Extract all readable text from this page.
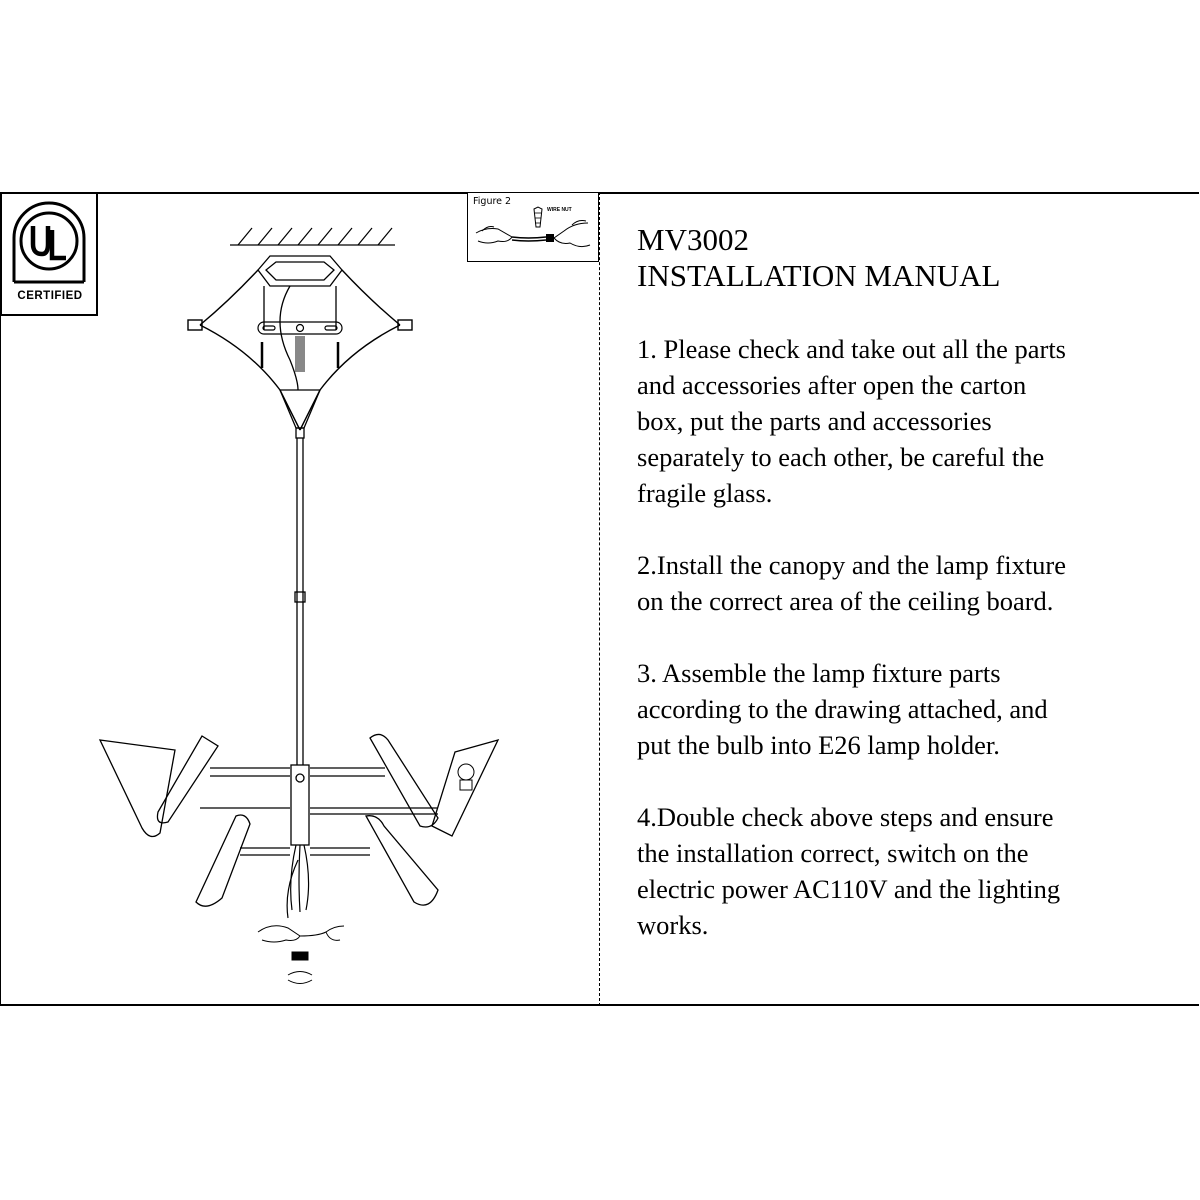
CERTIFIED
Figure 2
WIRE NUT
MV3002
INSTALLATION MANUAL
1. Please check and take out all the parts
and accessories after open the carton
box, put the parts and accessories
separately to each other, be careful the
fragile glass.
2.Install the canopy and the lamp fixture
on the correct area of the ceiling board.
3. Assemble the lamp fixture parts
according to the drawing attached, and
put the bulb into E26 lamp holder.
4.Double check above steps and ensure
the installation correct, switch on the
electric power AC110V and the lighting
works.
